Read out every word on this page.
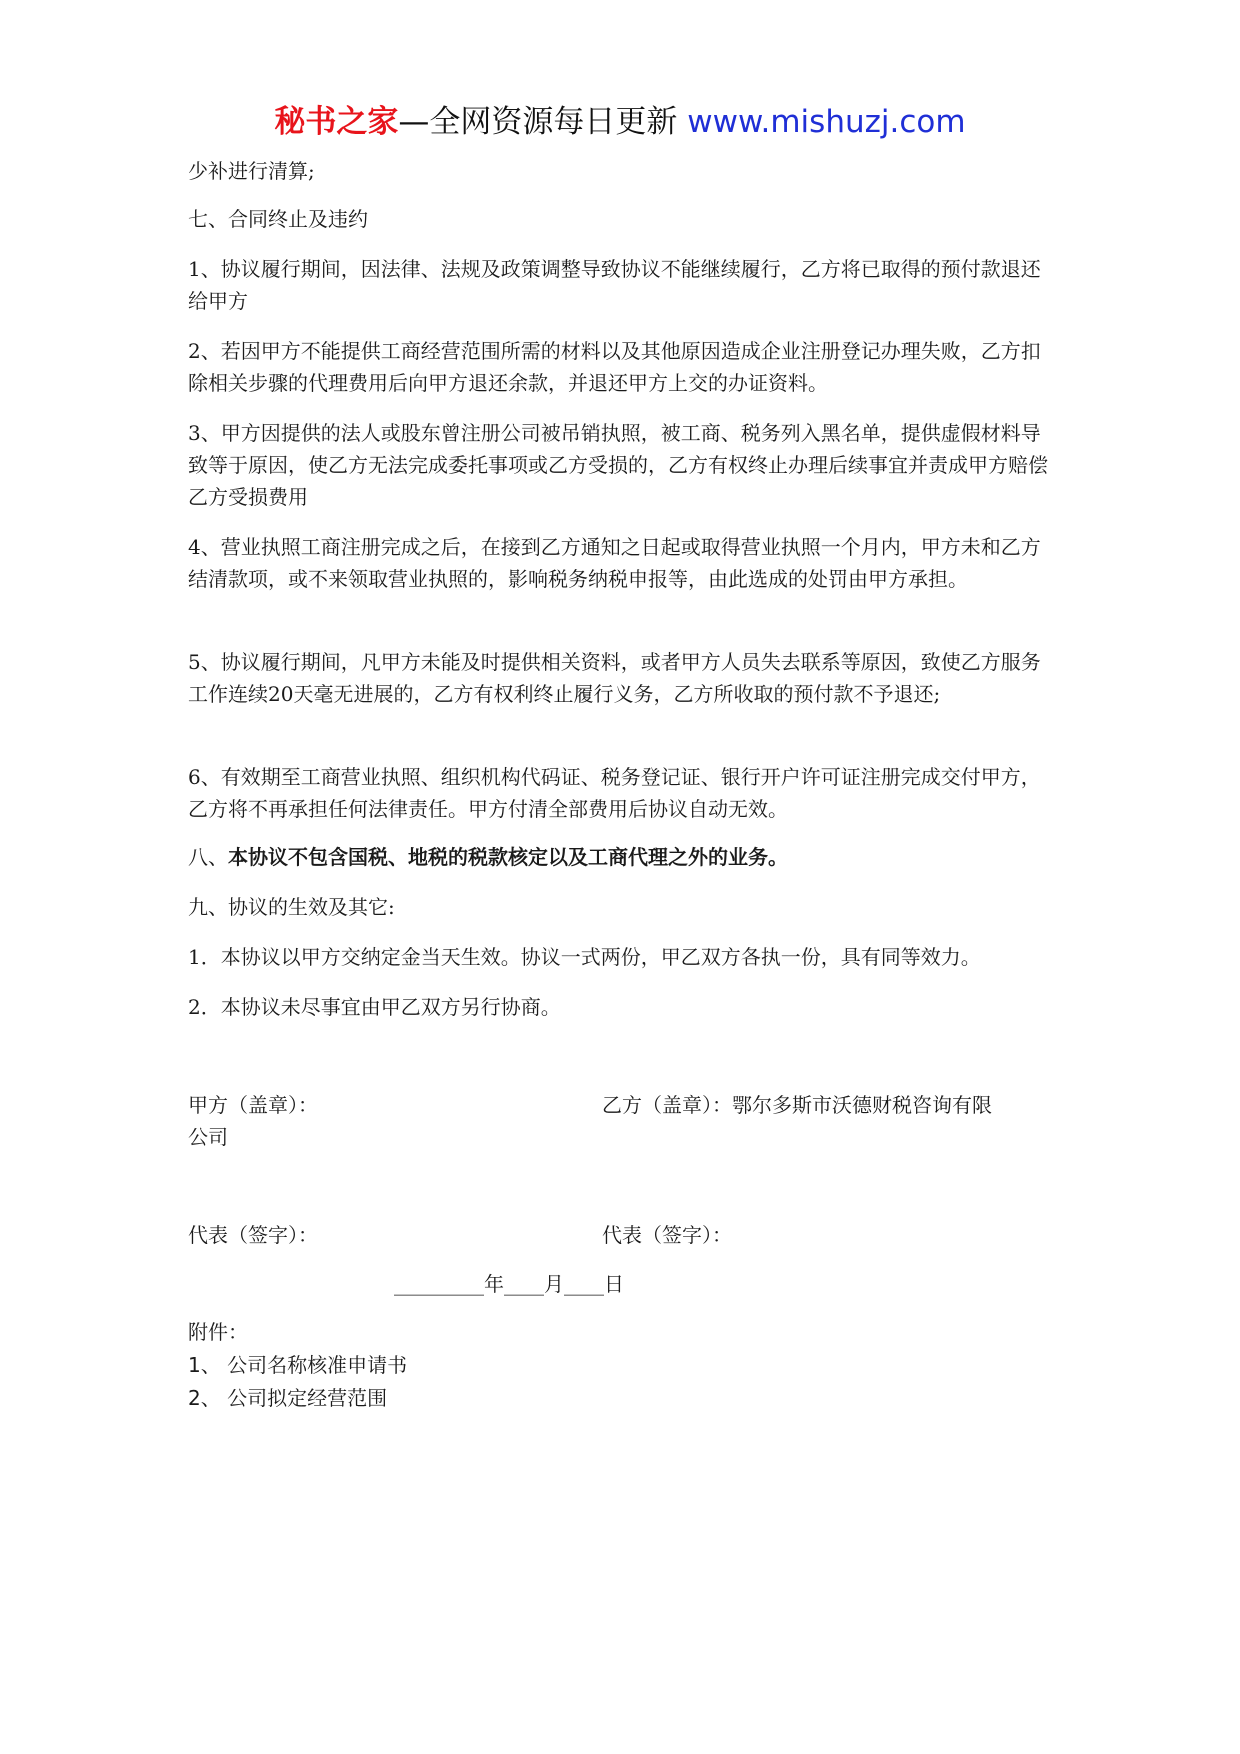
秘书之家—全网资源每日更新 www.mishuzj.com

少补进行清算;

七、合同终止及违约

1、协议履行期间，因法律、法规及政策调整导致协议不能继续履行，乙方将已取得的预付款退还给甲方

2、若因甲方不能提供工商经营范围所需的材料以及其他原因造成企业注册登记办理失败，乙方扣除相关步骤的代理费用后向甲方退还余款，并退还甲方上交的办证资料。

3、甲方因提供的法人或股东曾注册公司被吊销执照，被工商、税务列入黑名单，提供虚假材料导致等于原因，使乙方无法完成委托事项或乙方受损的，乙方有权终止办理后续事宜并责成甲方赔偿乙方受损费用

4、营业执照工商注册完成之后，在接到乙方通知之日起或取得营业执照一个月内，甲方未和乙方结清款项，或不来领取营业执照的，影响税务纳税申报等，由此选成的处罚由甲方承担。

5、协议履行期间，凡甲方未能及时提供相关资料，或者甲方人员失去联系等原因，致使乙方服务工作连续20天毫无进展的，乙方有权利终止履行义务，乙方所收取的预付款不予退还;

6、有效期至工商营业执照、组织机构代码证、税务登记证、银行开户许可证注册完成交付甲方，乙方将不再承担任何法律责任。甲方付清全部费用后协议自动无效。

八、本协议不包含国税、地税的税款核定以及工商代理之外的业务。

九、协议的生效及其它:

1．本协议以甲方交纳定金当天生效。协议一式两份，甲乙双方各执一份，具有同等效力。

2．本协议未尽事宜由甲乙双方另行协商。

甲方（盖章）：	乙方（盖章）：鄂尔多斯市沃德财税咨询有限
公司
代表（签字）：	代表（签字）：
_________年____月____日
附件：
1、 公司名称核准申请书
2、 公司拟定经营范围
